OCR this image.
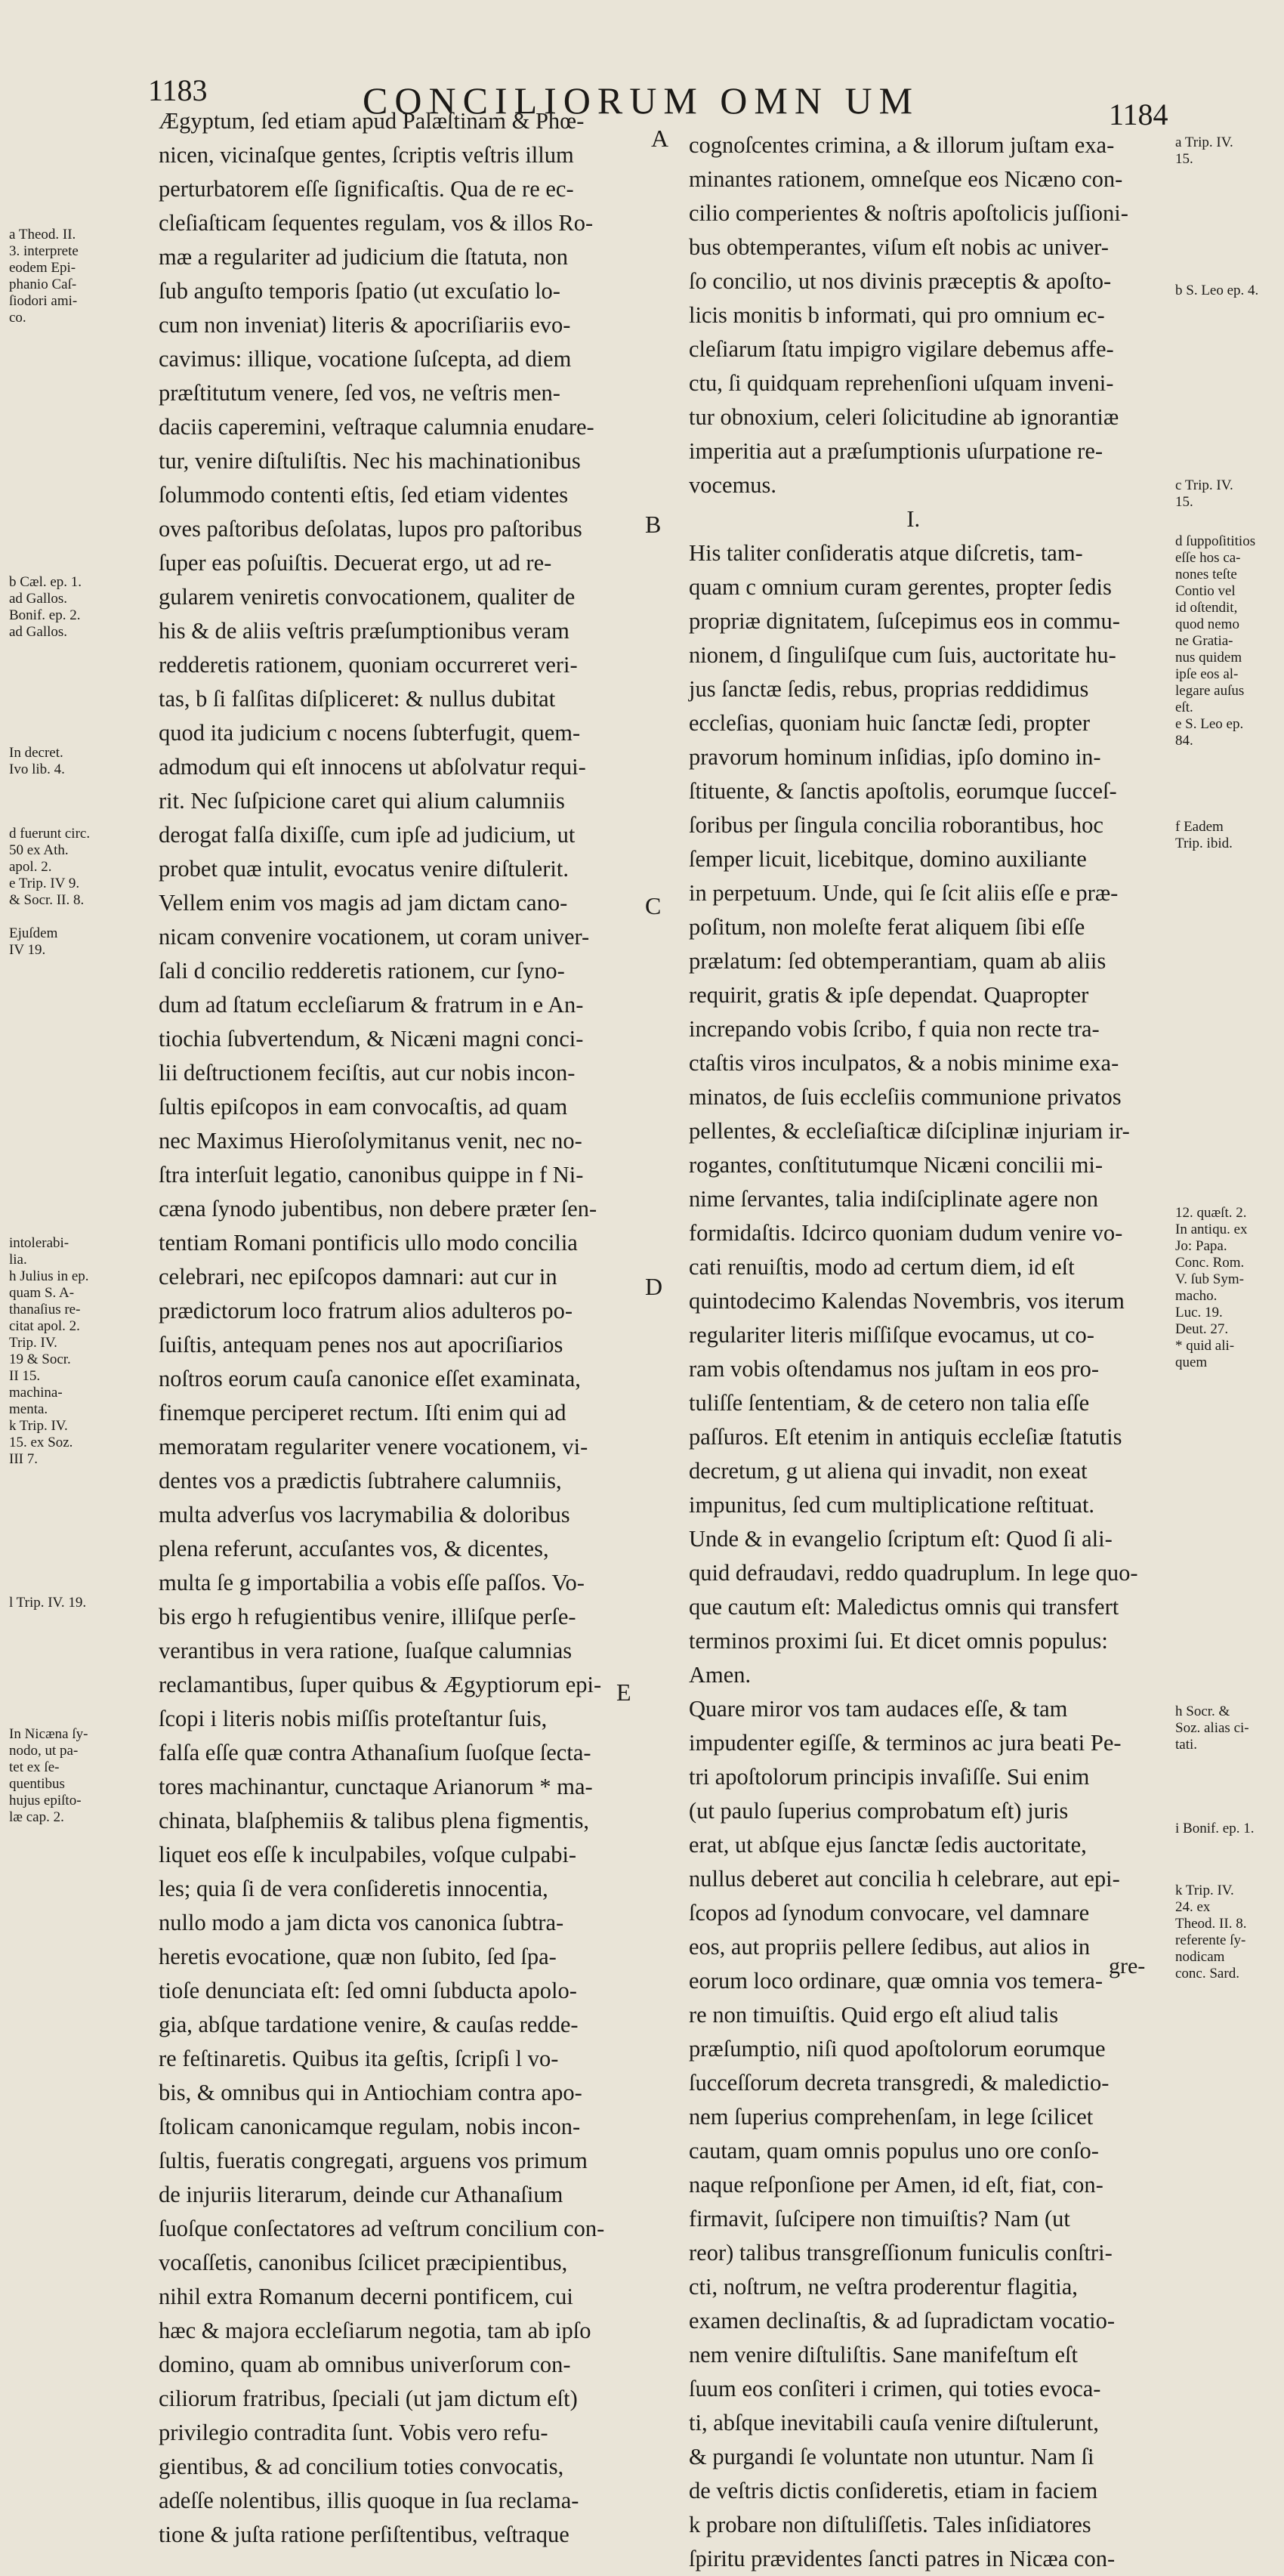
1183	CONCILIORUM OMN UM	1184
Ægyptum, ſed etiam apud Palæſtinam & Phœ-
nicen, vicinaſque gentes, ſcriptis veſtris illum
perturbatorem eſſe ſignificaſtis. Qua de re ec-
cleſiaſticam ſequentes regulam, vos & illos Ro-
mæ a regulariter ad judicium die ſtatuta, non
ſub anguſto temporis ſpatio (ut excuſatio lo-
cum non inveniat) literis & apocriſiariis evo-
cavimus: illique, vocatione ſuſcepta, ad diem
præſtitutum venere, ſed vos, ne veſtris men-
daciis caperemini, veſtraque calumnia enudare-
tur, venire diſtuliſtis. Nec his machinationibus
ſolummodo contenti eſtis, ſed etiam videntes
oves paſtoribus deſolatas, lupos pro paſtoribus
ſuper eas poſuiſtis. Decuerat ergo, ut ad re-
gularem veniretis convocationem, qualiter de
his & de aliis veſtris præſumptionibus veram
redderetis rationem, quoniam occurreret veri-
tas, b ſi falſitas diſpliceret: & nullus dubitat
quod ita judicium c nocens ſubterfugit, quem-
admodum qui eſt innocens ut abſolvatur requi-
rit. Nec ſuſpicione caret qui alium calumniis
derogat falſa dixiſſe, cum ipſe ad judicium, ut
probet quæ intulit, evocatus venire diſtulerit.
Vellem enim vos magis ad jam dictam cano-
nicam convenire vocationem, ut coram univer-
ſali d concilio redderetis rationem, cur ſyno-
dum ad ſtatum eccleſiarum & fratrum in e An-
tiochia ſubvertendum, & Nicæni magni conci-
lii deſtructionem feciſtis, aut cur nobis incon-
ſultis epiſcopos in eam convocaſtis, ad quam
nec Maximus Hieroſolymitanus venit, nec no-
ſtra interſuit legatio, canonibus quippe in f Ni-
cæna ſynodo jubentibus, non debere præter ſen-
tentiam Romani pontificis ullo modo concilia
celebrari, nec epiſcopos damnari: aut cur in
prædictorum loco fratrum alios adulteros po-
ſuiſtis, antequam penes nos aut apocriſiarios
noſtros eorum cauſa canonice eſſet examinata,
finemque perciperet rectum. Iſti enim qui ad
memoratam regulariter venere vocationem, vi-
dentes vos a prædictis ſubtrahere calumniis,
multa adverſus vos lacrymabilia & doloribus
plena referunt, accuſantes vos, & dicentes,
multa ſe g importabilia a vobis eſſe paſſos. Vo-
bis ergo h refugientibus venire, illiſque perſe-
verantibus in vera ratione, ſuaſque calumnias
reclamantibus, ſuper quibus & Ægyptiorum epi-
ſcopi i literis nobis miſſis proteſtantur ſuis,
falſa eſſe quæ contra Athanaſium ſuoſque ſecta-
tores machinantur, cunctaque Arianorum * ma-
chinata, blaſphemiis & talibus plena figmentis,
liquet eos eſſe k inculpabiles, voſque culpabi-
les; quia ſi de vera conſideretis innocentia,
nullo modo a jam dicta vos canonica ſubtra-
heretis evocatione, quæ non ſubito, ſed ſpa-
tioſe denunciata eſt: ſed omni ſubducta apolo-
gia, abſque tardatione venire, & cauſas redde-
re feſtinaretis. Quibus ita geſtis, ſcripſi l vo-
bis, & omnibus qui in Antiochiam contra apo-
ſtolicam canonicamque regulam, nobis incon-
ſultis, fueratis congregati, arguens vos primum
de injuriis literarum, deinde cur Athanaſium
ſuoſque conſectatores ad veſtrum concilium con-
vocaſſetis, canonibus ſcilicet præcipientibus,
nihil extra Romanum decerni pontificem, cui
hæc & majora eccleſiarum negotia, tam ab ipſo
domino, quam ab omnibus univerſorum con-
ciliorum fratribus, ſpeciali (ut jam dictum eſt)
privilegio contradita ſunt. Vobis vero refu-
gientibus, & ad concilium toties convocatis,
adeſſe nolentibus, illis quoque in ſua reclama-
tione & juſta ratione perſiſtentibus, veſtraque
cognoſcentes crimina, a & illorum juſtam exa-
minantes rationem, omneſque eos Nicæno con-
cilio comperientes & noſtris apoſtolicis juſſioni-
bus obtemperantes, viſum eſt nobis ac univer-
ſo concilio, ut nos divinis præceptis & apoſto-
licis monitis b informati, qui pro omnium ec-
cleſiarum ſtatu impigro vigilare debemus affe-
ctu, ſi quidquam reprehenſioni uſquam inveni-
tur obnoxium, celeri ſolicitudine ab ignorantiæ
imperitia aut a præſumptionis uſurpatione re-
vocemus.
I.
His taliter conſideratis atque diſcretis, tam-
quam c omnium curam gerentes, propter ſedis
propriæ dignitatem, ſuſcepimus eos in commu-
nionem, d ſinguliſque cum ſuis, auctoritate hu-
jus ſanctæ ſedis, rebus, proprias reddidimus
eccleſias, quoniam huic ſanctæ ſedi, propter
pravorum hominum inſidias, ipſo domino in-
ſtituente, & ſanctis apoſtolis, eorumque ſucceſ-
ſoribus per ſingula concilia roborantibus, hoc
ſemper licuit, licebitque, domino auxiliante
in perpetuum. Unde, qui ſe ſcit aliis eſſe e præ-
poſitum, non moleſte ferat aliquem ſibi eſſe
prælatum: ſed obtemperantiam, quam ab aliis
requirit, gratis & ipſe dependat. Quapropter
increpando vobis ſcribo, f quia non recte tra-
ctaſtis viros inculpatos, & a nobis minime exa-
minatos, de ſuis eccleſiis communione privatos
pellentes, & eccleſiaſticæ diſciplinæ injuriam ir-
rogantes, conſtitutumque Nicæni concilii mi-
nime ſervantes, talia indiſciplinate agere non
formidaſtis. Idcirco quoniam dudum venire vo-
cati renuiſtis, modo ad certum diem, id eſt
quintodecimo Kalendas Novembris, vos iterum
regulariter literis miſſiſque evocamus, ut co-
ram vobis oſtendamus nos juſtam in eos pro-
tuliſſe ſententiam, & de cetero non talia eſſe
paſſuros. Eſt etenim in antiquis eccleſiæ ſtatutis
decretum, g ut aliena qui invadit, non exeat
impunitus, ſed cum multiplicatione reſtituat.
Unde & in evangelio ſcriptum eſt: Quod ſi ali-
quid defraudavi, reddo quadruplum. In lege quo-
que cautum eſt: Maledictus omnis qui transfert
terminos proximi ſui. Et dicet omnis populus:
Amen.
Quare miror vos tam audaces eſſe, & tam
impudenter egiſſe, & terminos ac jura beati Pe-
tri apoſtolorum principis invaſiſſe. Sui enim
(ut paulo ſuperius comprobatum eſt) juris
erat, ut abſque ejus ſanctæ ſedis auctoritate,
nullus deberet aut concilia h celebrare, aut epi-
ſcopos ad ſynodum convocare, vel damnare
eos, aut propriis pellere ſedibus, aut alios in
eorum loco ordinare, quæ omnia vos temera-
re non timuiſtis. Quid ergo eſt aliud talis
præſumptio, niſi quod apoſtolorum eorumque
ſucceſſorum decreta transgredi, & maledictio-
nem ſuperius comprehenſam, in lege ſcilicet
cautam, quam omnis populus uno ore conſo-
naque reſponſione per Amen, id eſt, fiat, con-
firmavit, ſuſcipere non timuiſtis? Nam (ut
reor) talibus transgreſſionum funiculis conſtri-
cti, noſtrum, ne veſtra proderentur flagitia,
examen declinaſtis, & ad ſupradictam vocatio-
nem venire diſtuliſtis. Sane manifeſtum eſt
ſuum eos conſiteri i crimen, qui toties evoca-
ti, abſque inevitabili cauſa venire diſtulerunt,
& purgandi ſe voluntate non utuntur. Nam ſi
de veſtris dictis conſideretis, etiam in faciem
k probare non diſtuliſſetis. Tales inſidiatores
ſpiritu prævidentes ſancti patres in Nicæa con-
a Theod. II.
3. interprete
eodem Epi-
phanio Caſ-
ſiodori ami-
co.
b Cæl. ep. 1.
ad Gallos.
Bonif. ep. 2.
ad Gallos.
In decret.
Ivo lib. 4.
d fuerunt circ.
50 ex Ath.
apol. 2.
e Trip. IV 9.
& Socr. II. 8.
Ejuſdem
IV 19.
intolerabi-
lia.
h Julius in ep.
quam S. A-
thanaſius re-
citat apol. 2.
Trip. IV.
19 & Socr.
II 15.
machina-
menta.
k Trip. IV.
15. ex Soz.
III 7.
l Trip. IV. 19.
In Nicæna ſy-
nodo, ut pa-
tet ex ſe-
quentibus
hujus epiſto-
læ cap. 2.
a Trip. IV.
15.
b S. Leo ep. 4.
c Trip. IV.
15.
d ſuppoſititios
eſſe hos ca-
nones teſte
Contio vel
id oſtendit,
quod nemo
ne Gratia-
nus quidem
ipſe eos al-
legare auſus
eſt.
e S. Leo ep.
84.
f Eadem
Trip. ibid.
12. quæſt. 2.
In antiqu. ex
Jo: Papa.
Conc. Rom.
V. ſub Sym-
macho.
Luc. 19.
Deut. 27.
* quid ali-
quem
h Socr. &
Soz. alias ci-
tati.
i Bonif. ep. 1.
k Trip. IV.
24. ex
Theod. II. 8.
referente ſy-
nodicam
conc. Sard.
A
B
C
D
E
gre-
